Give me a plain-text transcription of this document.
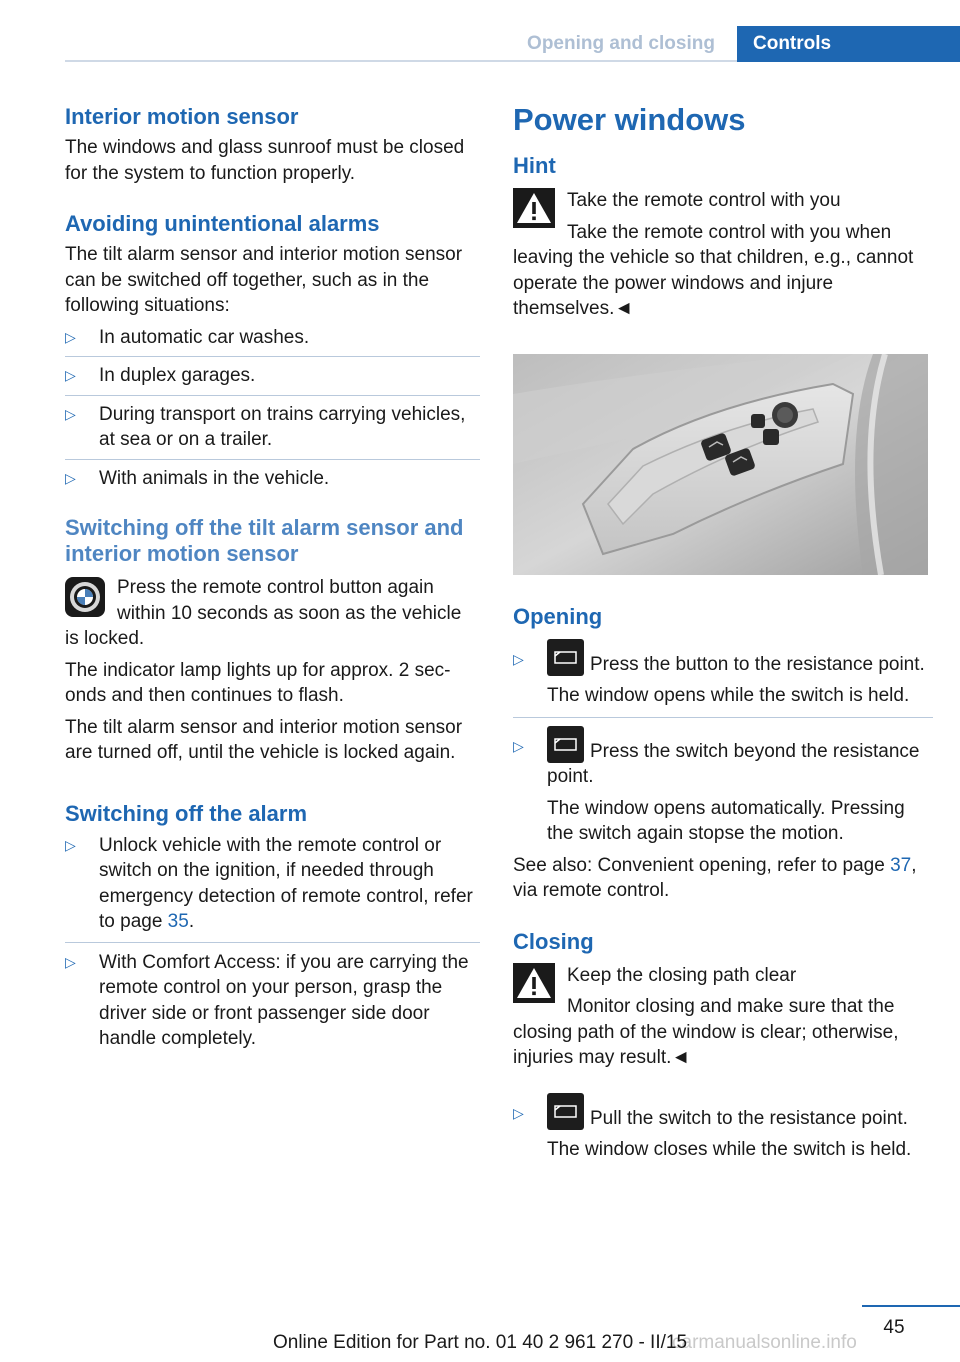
Opening and closing	Controls
Interior motion sensor

The windows and glass sunroof must be closed for the system to function properly.

Avoiding unintentional alarms

The tilt alarm sensor and interior motion sensor can be switched off together, such as in the following situations:

▷ In automatic car washes.
▷ In duplex garages.
▷ During transport on trains carrying vehicles, at sea or on a trailer.
▷ With animals in the vehicle.
Switching off the tilt alarm sensor and interior motion sensor

Press the remote control button again within 10 seconds as soon as the vehicle is locked.

The indicator lamp lights up for approx. 2 seconds and then continues to flash.

The tilt alarm sensor and interior motion sensor are turned off, until the vehicle is locked again.

Switching off the alarm
▷ Unlock vehicle with the remote control or switch on the ignition, if needed through emergency detection of remote control, refer to page 35.
▷ With Comfort Access: if you are carrying the remote control on your person, grasp the driver side or front passenger side door handle completely.
Power windows
Hint

Take the remote control with you

Take the remote control with you when leaving the vehicle so that children, e.g., cannot operate the power windows and injure themselves.◄

Opening
▷	Press the button to the resistance point.

The window opens while the switch is held.

▷	Press the switch beyond the resistance point.

The window opens automatically. Pressing the switch again stopse the motion.

See also: Convenient opening, refer to page 37, via remote control.

Closing

Keep the closing path clear

Monitor closing and make sure that the closing path of the window is clear; otherwise, injuries may result.◄

▷	Pull the switch to the resistance point.

The window closes while the switch is held.

45
carmanualsonline.info
Online Edition for Part no. 01 40 2 961 270 - II/15
